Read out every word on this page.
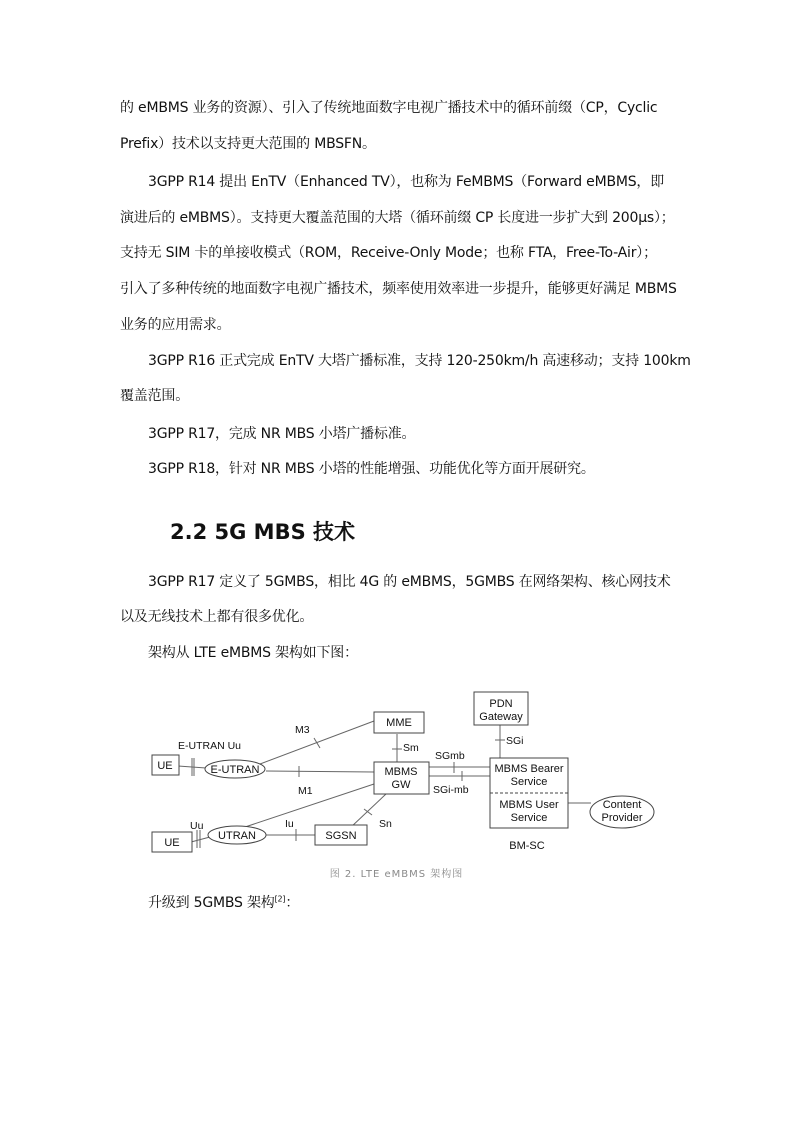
的 eMBMS 业务的资源）、引入了传统地面数字电视广播技术中的循环前缀（CP，Cyclic
Prefix）技术以支持更大范围的 MBSFN。
3GPP R14 提出 EnTV（Enhanced TV），也称为 FeMBMS（Forward eMBMS，即
演进后的 eMBMS）。支持更大覆盖范围的大塔（循环前缀 CP 长度进一步扩大到 200μs）；
支持无 SIM 卡的单接收模式（ROM，Receive-Only Mode；也称 FTA，Free-To-Air）；
引入了多种传统的地面数字电视广播技术，频率使用效率进一步提升，能够更好满足 MBMS
业务的应用需求。
3GPP R16 正式完成 EnTV 大塔广播标准，支持 120-250km/h 高速移动；支持 100km
覆盖范围。
3GPP R17，完成 NR MBS 小塔广播标准。
3GPP R18，针对 NR MBS 小塔的性能增强、功能优化等方面开展研究。
2.2 5G MBS 技术
3GPP R17 定义了 5GMBS，相比 4G 的 eMBMS，5GMBS 在网络架构、核心网技术
以及无线技术上都有很多优化。
架构从 LTE eMBMS 架构如下图：
UE
UE
E-UTRAN
UTRAN
MME
MBMS
GW
SGSN
PDN
Gateway
MBMS Bearer
Service
MBMS User
Service
Content
Provider
BM-SC
E-UTRAN Uu
M3
M1
Sm
SGmb
SGi
SGi-mb
Uu	Iu	Sn
图 2. LTE eMBMS 架构图
升级到 5GMBS 架构[2]：
